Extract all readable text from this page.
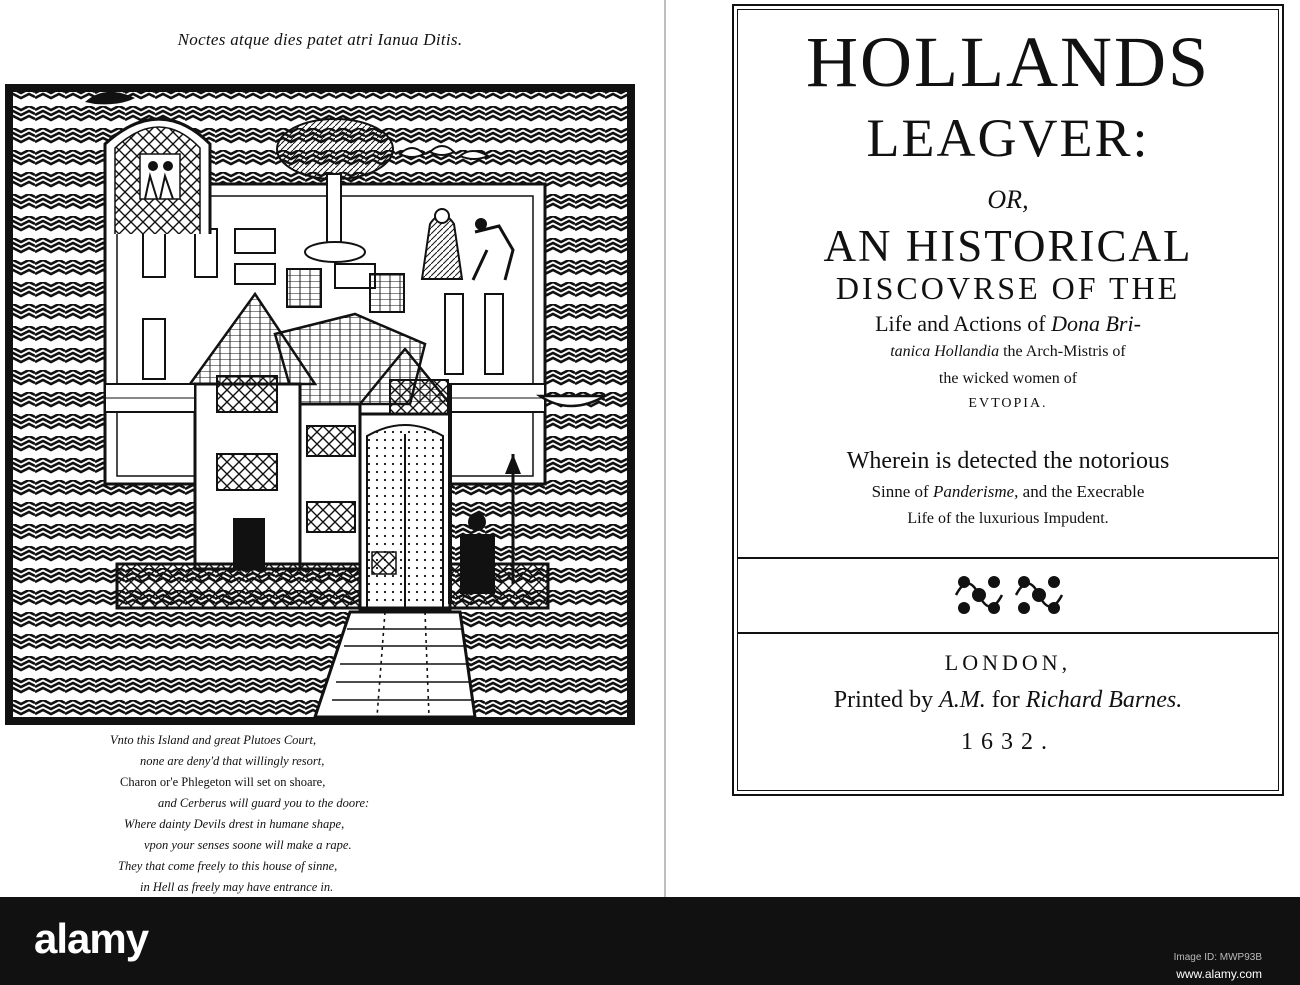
Noctes atque dies patet atri Ianua Ditis.
Vnto this Island and great Plutoes Court,
none are deny'd that willingly resort,
Charon or'e Phlegeton will set on shoare,
and Cerberus will guard you to the doore:
Where dainty Devils drest in humane shape,
vpon your senses soone will make a rape.
They that come freely to this house of sinne,
in Hell as freely may have entrance in.
HOLLANDS
LEAGVER:
OR,
AN HISTORICAL
DISCOVRSE OF THE
Life and Actions of Dona Bri-
tanica Hollandia the Arch-Mistris of
the wicked women of
EVTOPIA.
Wherein is detected the notorious
Sinne of Panderisme, and the Execrable
Life of the luxurious Impudent.
LONDON,
Printed by A.M. for Richard Barnes.
1632.
alamy	Image ID: MWP93B
www.alamy.com
